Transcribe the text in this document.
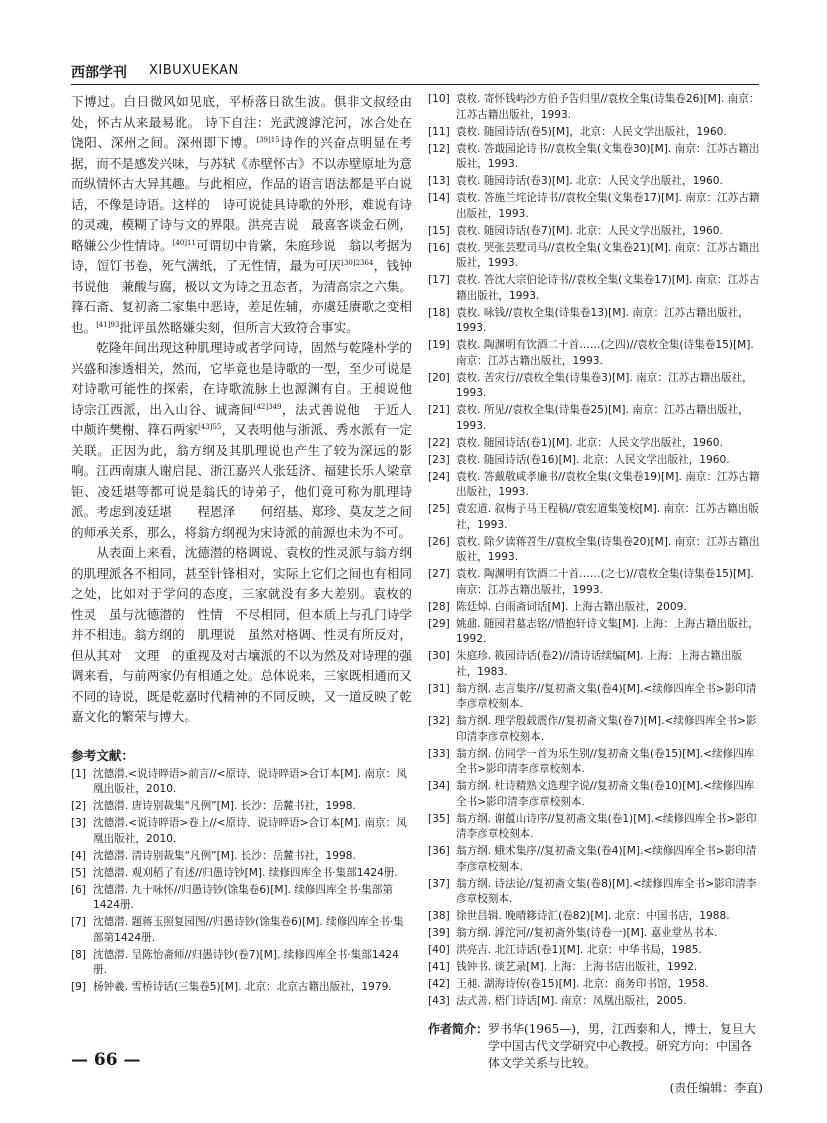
西部学刊 XIBUXUEKAN

下博过。白日微风如见底，平桥落日欲生波。俱非文叔经由处，怀古从来最易讹。 诗下自注：光武渡滹沱河，冰合处在饶阳、深州之间。深州即下博。$^{[39]15}$诗作的兴奋点明显在考据，而不是感发兴味，与苏轼《赤壁怀古》不以赤壁原址为意而纵情怀古大异其趣。与此相应，作品的语言语法都是平白说话，不像是诗语。这样的　诗可说徒具诗歌的外形，难说有诗的灵魂，模糊了诗与文的界限。洪亮吉说　最喜客谈金石例，略嫌公少性情诗。$^{[40]11}$可谓切中肯綮，朱庭珍说　翁以考据为诗，饾饤书卷，死气满纸，了无性情，最为可厌$^{[30]2364}$，钱钟书说他　兼酸与腐，极以文为诗之丑态者，为清高宗之六集。箨石斋、复初斋二家集中恶诗，差足佐辅，亦虞廷赓歌之变相也。$^{[41]93}$批评虽然略嫌尖刻，但所言大致符合事实。

乾隆年间出现这种肌理诗或者学问诗，固然与乾隆朴学的兴盛和渗透相关，然而，它毕竟也是诗歌的一型，至少可说是对诗歌可能性的探索，在诗歌流脉上也源渊有自。王昶说他　诗宗江西派，出入山谷、诚斋间$^{[42]349}$，法式善说他　于近人中颇许樊榭、箨石两家$^{[43]55}$，又表明他与浙派、秀水派有一定关联。正因为此，翁方纲及其肌理说也产生了较为深远的影响。江西南康人谢启昆、浙江嘉兴人张廷济、福建长乐人梁章钜、凌廷堪等都可说是翁氏的诗弟子，他们竟可称为肌理诗派。考虑到凌廷堪　　程恩泽　　何绍基、郑珍、莫友芝之间的师承关系，那么，将翁方纲视为宋诗派的前源也未为不可。

从表面上来看，沈德潜的格调说、袁枚的性灵派与翁方纲的肌理派各不相同，甚至针锋相对，实际上它们之间也有相同之处，比如对于学问的态度，三家就没有多大差别。袁枚的　性灵　虽与沈德潜的　性情　不尽相同，但本质上与孔门诗学并不相违。翁方纲的　肌理说　虽然对格调、性灵有所反对，但从其对　文理　的重视及对古壤派的不以为然及对诗理的强调来看，与前两家仍有相通之处。总体说来，三家既相通而又不同的诗说，既是乾嘉时代精神的不同反映，又一道反映了乾嘉文化的繁荣与博大。

参考文献：
[1] 沈德潜.<说诗晬语>前言//<原诗、说诗晬语>合订本[M]. 南京：凤凰出版社，2010.
[2] 沈德潜. 唐诗别裁集“凡例”[M]. 长沙：岳麓书社，1998.
[3] 沈德潜.<说诗晬语>卷上//<原诗、说诗晬语>合订本[M]. 南京：凤凰出版社，2010.
[4] 沈德潜. 清诗别裁集“凡例”[M]. 长沙：岳麓书社，1998.
[5] 沈德潜. 观刈稻了有述//归愚诗钞[M]. 续修四库全书·集部1424册.
[6] 沈德潜. 九十咏怀//归愚诗钞(馀集卷6)[M]. 续修四库全书·集部第1424册.
[7] 沈德潜. 题蒋玉照复园图//归愚诗钞(馀集卷6)[M]. 续修四库全书·集部第1424册.
[8] 沈德潜. 呈陈怡斋师//归愚诗钞(卷7)[M]. 续修四库全书·集部1424册.
[9] 杨钟羲. 雪桥诗话(三集卷5)[M]. 北京：北京古籍出版社，1979.
[10] 袁枚. 寄怀钱屿沙方伯予告归里//袁枚全集(诗集卷26)[M]. 南京：江苏古籍出版社，1993.
[11] 袁枚. 随园诗话(卷5)[M]，北京：人民文学出版社，1960.
[12] 袁枚. 答蕺园论诗书//袁枚全集(文集卷30)[M]. 南京：江苏古籍出版社，1993.
[13] 袁枚. 随园诗话(卷3)[M]. 北京：人民文学出版社，1960.
[14] 袁枚. 答施兰垞论诗书//袁枚全集(文集卷17)[M]. 南京：江苏古籍出版社，1993.
[15] 袁枚. 随园诗话(卷7)[M]. 北京：人民文学出版社，1960.
[16] 袁枚. 哭张芸墅司马//袁枚全集(文集卷21)[M]. 南京：江苏古籍出版社，1993.
[17] 袁枚. 答沈大宗伯论诗书//袁枚全集(文集卷17)[M]. 南京：江苏古籍出版社，1993.
[18] 袁枚. 咏钱//袁枚全集(诗集卷13)[M]. 南京：江苏古籍出版社，1993.
[19] 袁枚. 陶渊明有饮酒二十首……(之四)//袁枚全集(诗集卷15)[M]. 南京：江苏古籍出版社，1993.
[20] 袁枚. 苦灾行//袁枚全集(诗集卷3)[M]. 南京：江苏古籍出版社，1993.
[21] 袁枚. 所见//袁枚全集(诗集卷25)[M]. 南京：江苏古籍出版社，1993.
[22] 袁枚. 随园诗话(卷1)[M]. 北京：人民文学出版社，1960.
[23] 袁枚. 随园诗话(卷16)[M]. 北京：人民文学出版社，1960.
[24] 袁枚. 答戴敬咸孝廉书//袁枚全集(文集卷19)[M]. 南京：江苏古籍出版社，1993.
[25] 袁宏道. 叙梅子马王程稿//袁宏道集笺校[M]. 南京：江苏古籍出版社，1993.
[26] 袁枚. 除夕读蒋苕生//袁枚全集(诗集卷20)[M]. 南京：江苏古籍出版社，1993.
[27] 袁枚. 陶渊明有饮酒二十首……(之七)//袁枚全集(诗集卷15)[M]. 南京：江苏古籍出版社，1993.
[28] 陈廷焯. 白雨斋词话[M]. 上海古籍出版社，2009.
[29] 姚鼐. 随园君墓志铭//惜抱轩诗文集[M]. 上海：上海古籍出版社，1992.
[30] 朱庭珍. 筱园诗话(卷2)//清诗话续编[M]. 上海：上海古籍出版社，1983.
[31] 翁方纲. 志言集序//复初斋文集(卷4)[M].<续修四库全书>影印清李彦章校刻本.
[32] 翁方纲. 理学殷载震作//复初斋文集(卷7)[M].<续修四库全书>影印清李彦章校刻本.
[33] 翁方纲. 仿同学一首为乐生别//复初斋文集(卷15)[M].<续修四库全书>影印清李彦章校刻本.
[34] 翁方纲. 杜诗精熟文选理字说//复初斋文集(卷10)[M].<续修四库全书>影印清李彦章校刻本.
[35] 翁方纲. 谢蕴山诗序//复初斋文集(卷1)[M].<续修四库全书>影印清李彦章校刻本.
[36] 翁方纲. 蛾术集序//复初斋文集(卷4)[M].<续修四库全书>影印清李彦章校刻本.
[37] 翁方纲. 诗法论//复初斋文集(卷8)[M].<续修四库全书>影印清李彦章校刻本.
[38] 徐世昌辑. 晚晴簃诗汇(卷82)[M]. 北京：中国书店，1988.
[39] 翁方纲. 滹沱河//复初斋外集(诗卷一)[M]. 嘉业堂丛书本.
[40] 洪亮吉. 北江诗话(卷1)[M]. 北京：中华书局，1985.
[41] 钱钟书. 谈艺录[M]. 上海：上海书店出版社，1992.
[42] 王昶. 湖海诗传(卷15)[M]. 北京：商务印书馆，1958.
[43] 法式善. 梧门诗话[M]. 南京：凤凰出版社，2005.
作者简介： 罗书华(1965—)，男，江西泰和人，博士，复旦大学中国古代文学研究中心教授。研究方向：中国各体文学关系与比较。
(责任编辑：李直)
— 66 —
